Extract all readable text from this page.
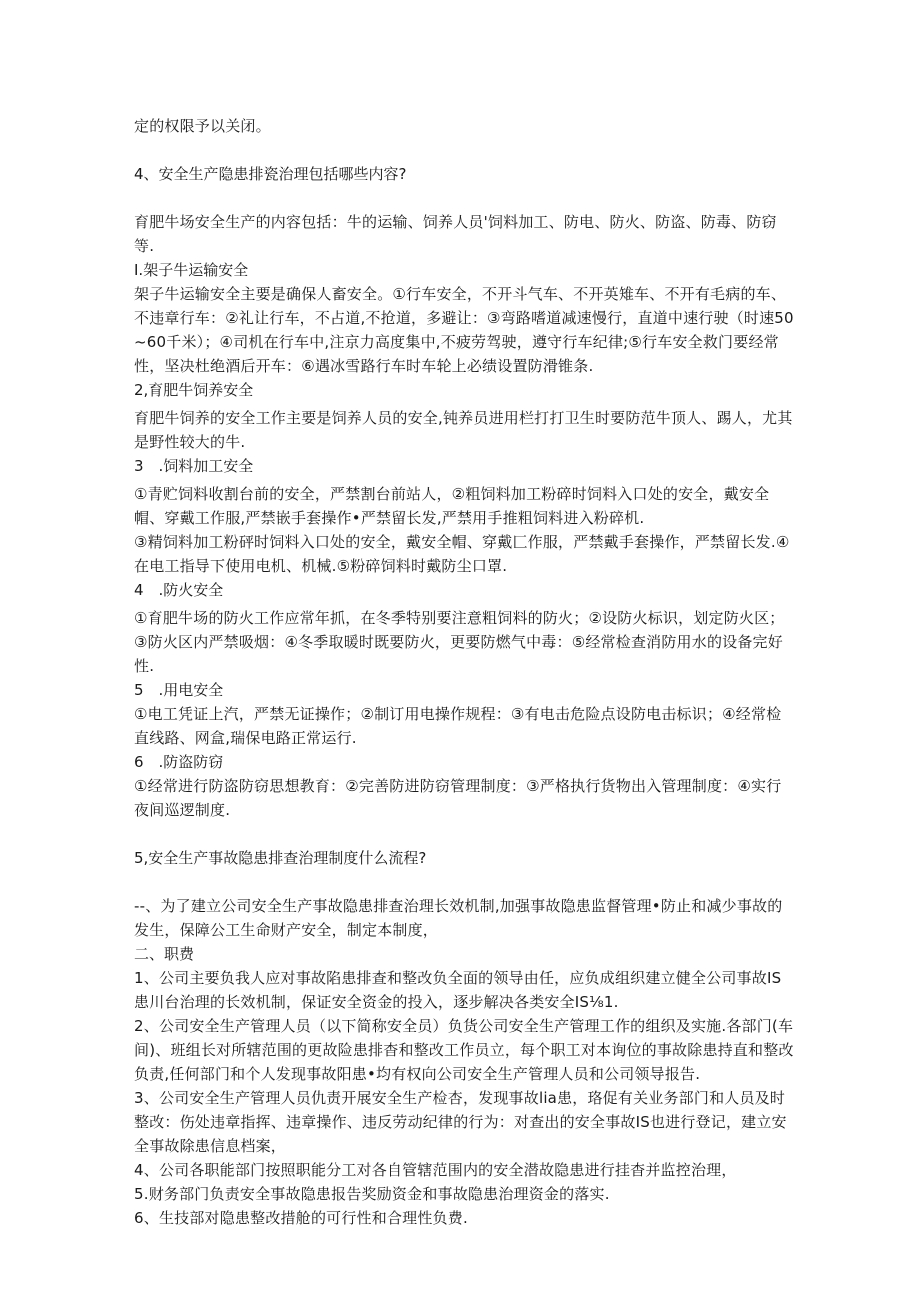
定的权限予以关闭。

4、安全生产隐患排瓷治理包括哪些内容?

育肥牛场安全生产的内容包括：牛的运输、饲养人员'饲料加工、防电、防火、防盗、防毒、防窃等.

I.架子牛运输安全

架子牛运输安全主要是确保人畜安全。①行车安全，不开斗气车、不开英雉车、不开有毛病的车、不违章行车：②礼让行车，不占道,不抢道，多避让：③弯路嗜道减速慢行，直道中速行驶（时速50~60千米）；④司机在行车中,注京力高度集中,不疲劳驾驶，遵守行车纪律;⑤行车安全救门要经常性，坚决杜绝酒后开车：⑥遇冰雪路行车时车轮上必绩设置防滑锥条.

2,育肥牛饲养安全

育肥牛饲养的安全工作主要是饲养人员的安全,钝养员进用栏打打卫生时要防范牛顶人、踢人，尤其是野性较大的牛.

3　.饲料加工安全

①青贮饲料收割台前的安全，严禁割台前站人，②粗饲料加工粉碎时饲料入口处的安全，戴安全帽、穿戴工作服,严禁嵌手套操作•严禁留长发,严禁用手推粗饲料进入粉碎机.

③精饲料加工粉砰时饲料入口处的安全，戴安全帽、穿戴匚作服，严禁戴手套操作，严禁留长发.④在电工指导下使用电机、机械.⑤粉碎饲料时戴防尘口罩.

4　.防火安全

①育肥牛场的防火工作应常年抓，在冬季特别要注意粗饲料的防火；②设防火标识，划定防火区；③防火区内严禁吸烟：④冬季取暖时既要防火，更要防燃气中毒：⑤经常检查消防用水的设备完好性.

5　.用电安全

①电工凭证上汽，严禁无证操作；②制订用电操作规程：③有电击危险点设防电击标识；④经常检直线路、网盒,瑞保电路正常运行.

6　.防盗防窃

①经常进行防盗防窃思想教育：②完善防进防窃管理制度：③严格执行货物出入管理制度：④实行夜间巡逻制度.

5,安全生产事故隐患排查治理制度什么流程?

--、为了建立公司安全生产事故隐患排查治理长效机制,加强事故隐患监督管理•防止和减少事故的发生，保障公工生命财产安全，制定本制度，

二、职费

1、公司主要负我人应对事故陷患排查和整改负全面的领导由任，应负成组织建立健全公司事故IS患川台治理的长效机制，保证安全资金的投入，逐步解决各类安全IS⅛1.

2、公司安全生产管理人员（以下简称安全员）负货公司安全生产管理工作的组织及实施.各部门(车间)、班组长对所辖范围的更故险患排杳和整改工作员立，每个职工对本询位的事故除患持直和整改负责,任何部门和个人发现事故阳患•均有权向公司安全生产管理人员和公司领导报告.

3、公司安全生产管理人员仇责开展安全生产检杏，发现事故lia患，珞促有关业务部门和人员及时整改：伤处违章指挥、违章操作、违反劳动纪律的行为：对查出的安全事故IS也进行登记，建立安全事故除患信息档案，

4、公司各职能部门按照职能分工对各自管辖范围内的安全潜故隐患进行挂杳并监控治理，

5.财务部门负责安全事故隐患报告奖励资金和事故隐患治理资金的落实.

6、生技部对隐患整改措舱的可行性和合理性负费.
